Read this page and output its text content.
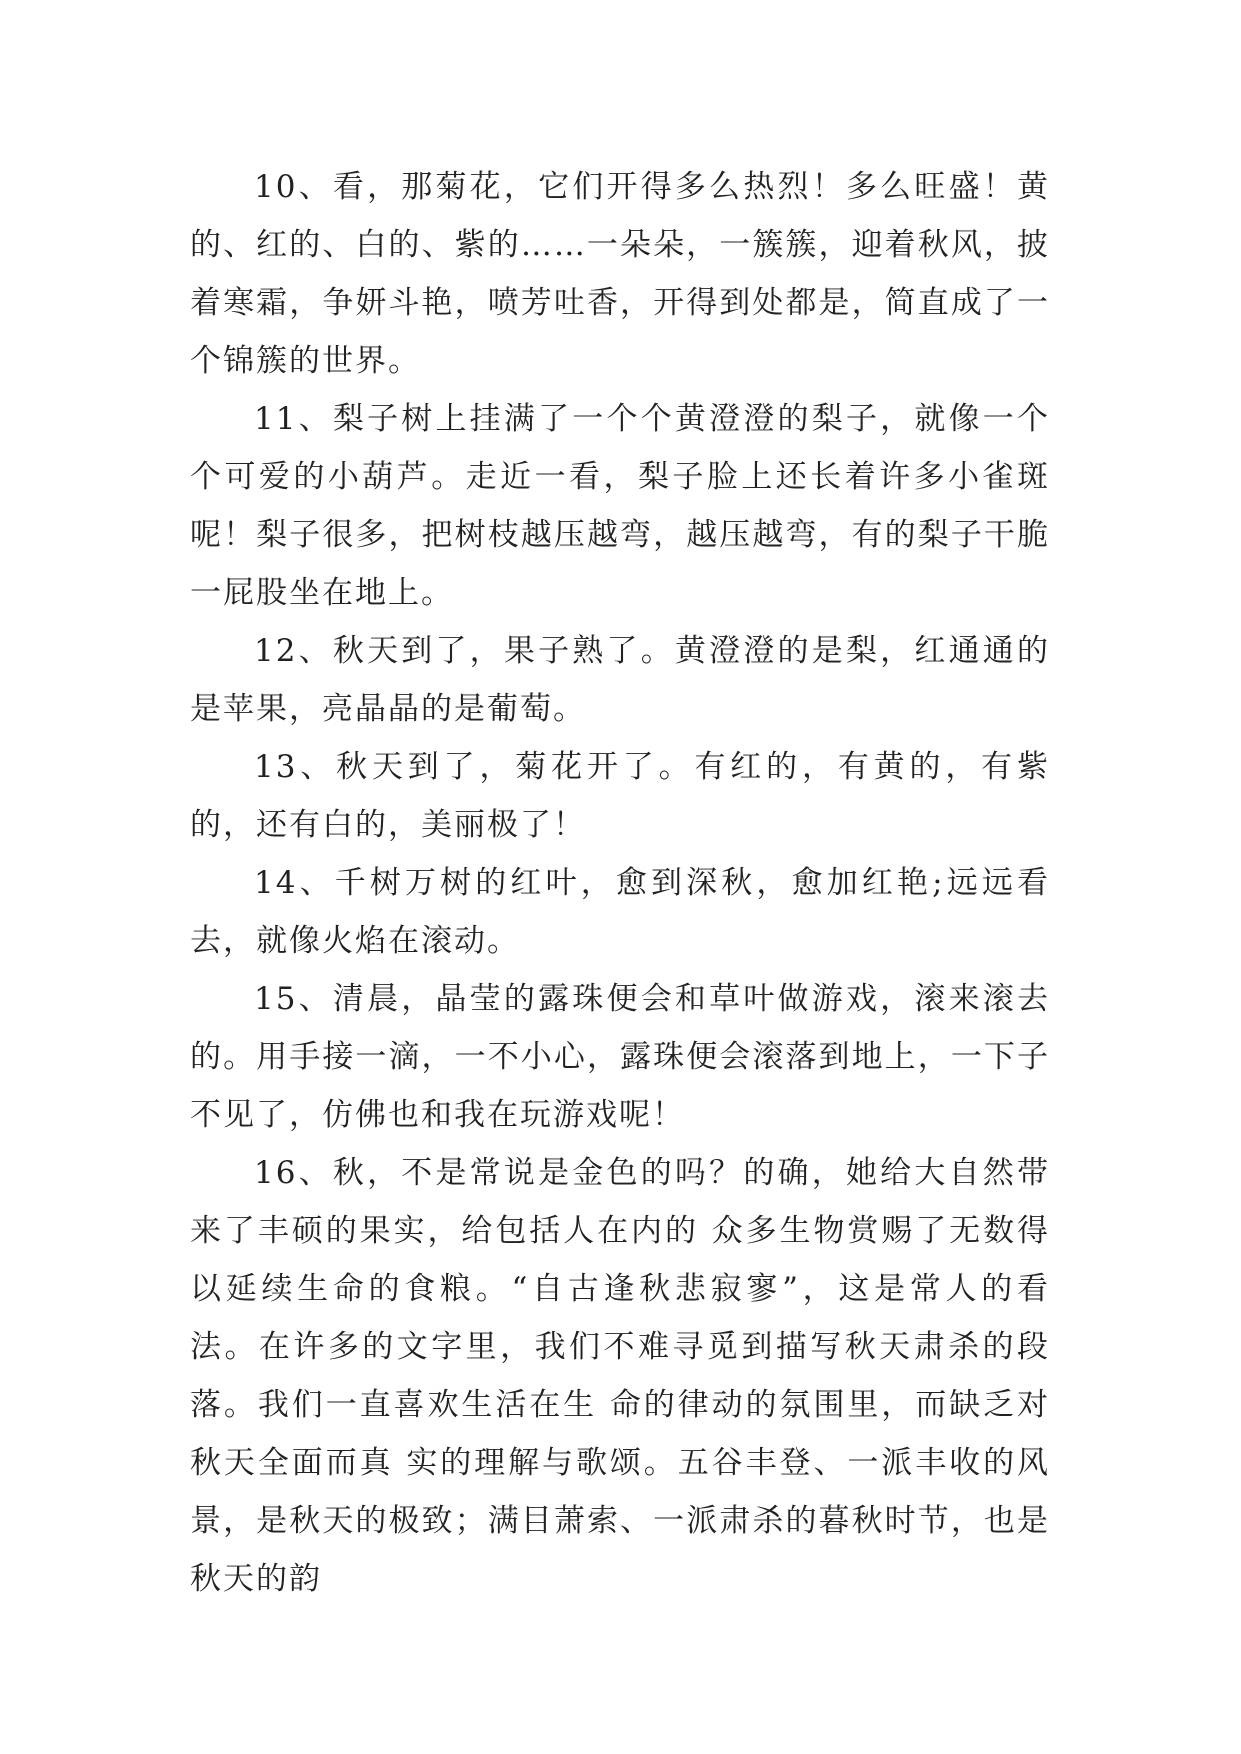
10、看，那菊花，它们开得多么热烈！多么旺盛！黄的、红的、白的、紫的……一朵朵，一簇簇，迎着秋风，披着寒霜，争妍斗艳，喷芳吐香，开得到处都是，简直成了一个锦簇的世界。

11、梨子树上挂满了一个个黄澄澄的梨子，就像一个个可爱的小葫芦。走近一看，梨子脸上还长着许多小雀斑呢！梨子很多，把树枝越压越弯，越压越弯，有的梨子干脆一屁股坐在地上。

12、秋天到了，果子熟了。黄澄澄的是梨，红通通的是苹果，亮晶晶的是葡萄。

13、秋天到了，菊花开了。有红的，有黄的，有紫的，还有白的，美丽极了！

14、千树万树的红叶，愈到深秋，愈加红艳;远远看去，就像火焰在滚动。

15、清晨，晶莹的露珠便会和草叶做游戏，滚来滚去的。用手接一滴，一不小心，露珠便会滚落到地上，一下子不见了，仿佛也和我在玩游戏呢！

16、秋，不是常说是金色的吗？的确，她给大自然带来了丰硕的果实，给包括人在内的 众多生物赏赐了无数得以延续生命的食粮。“自古逢秋悲寂寥”，这是常人的看法。在许多的文字里，我们不难寻觅到描写秋天肃杀的段落。我们一直喜欢生活在生 命的律动的氛围里，而缺乏对秋天全面而真 实的理解与歌颂。五谷丰登、一派丰收的风景，是秋天的极致；满目萧索、一派肃杀的暮秋时节，也是秋天的韵
